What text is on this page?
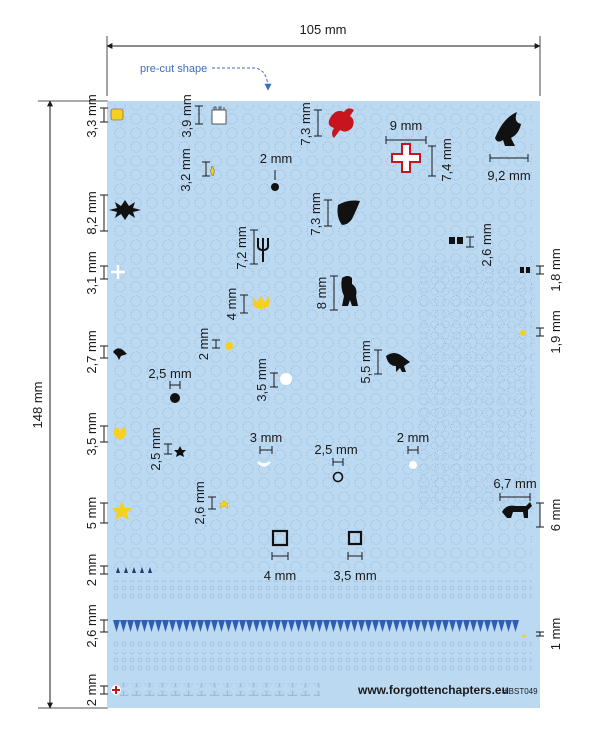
105 mm
148 mm
pre-cut shape
3,3 mm	3,9 mm	7,3 mm	9 mm
7,4 mm	9,2 mm
2 mm
3,2 mm
8,2 mm	7,3 mm
7,2 mm	2,6 mm
3,1 mm	1,8 mm
4 mm	8 mm
1,9 mm
2,7 mm	2 mm	5,5 mm
2,5 mm	3,5 mm
3,5 mm	2,5 mm	3 mm
2,5 mm
2 mm
6,7 mm
5 mm	2,6 mm	6 mm
4 mm	3,5 mm
2 mm
2,6 mm	1 mm
2 mm	www.forgottenchapters.eu
#IBST049
